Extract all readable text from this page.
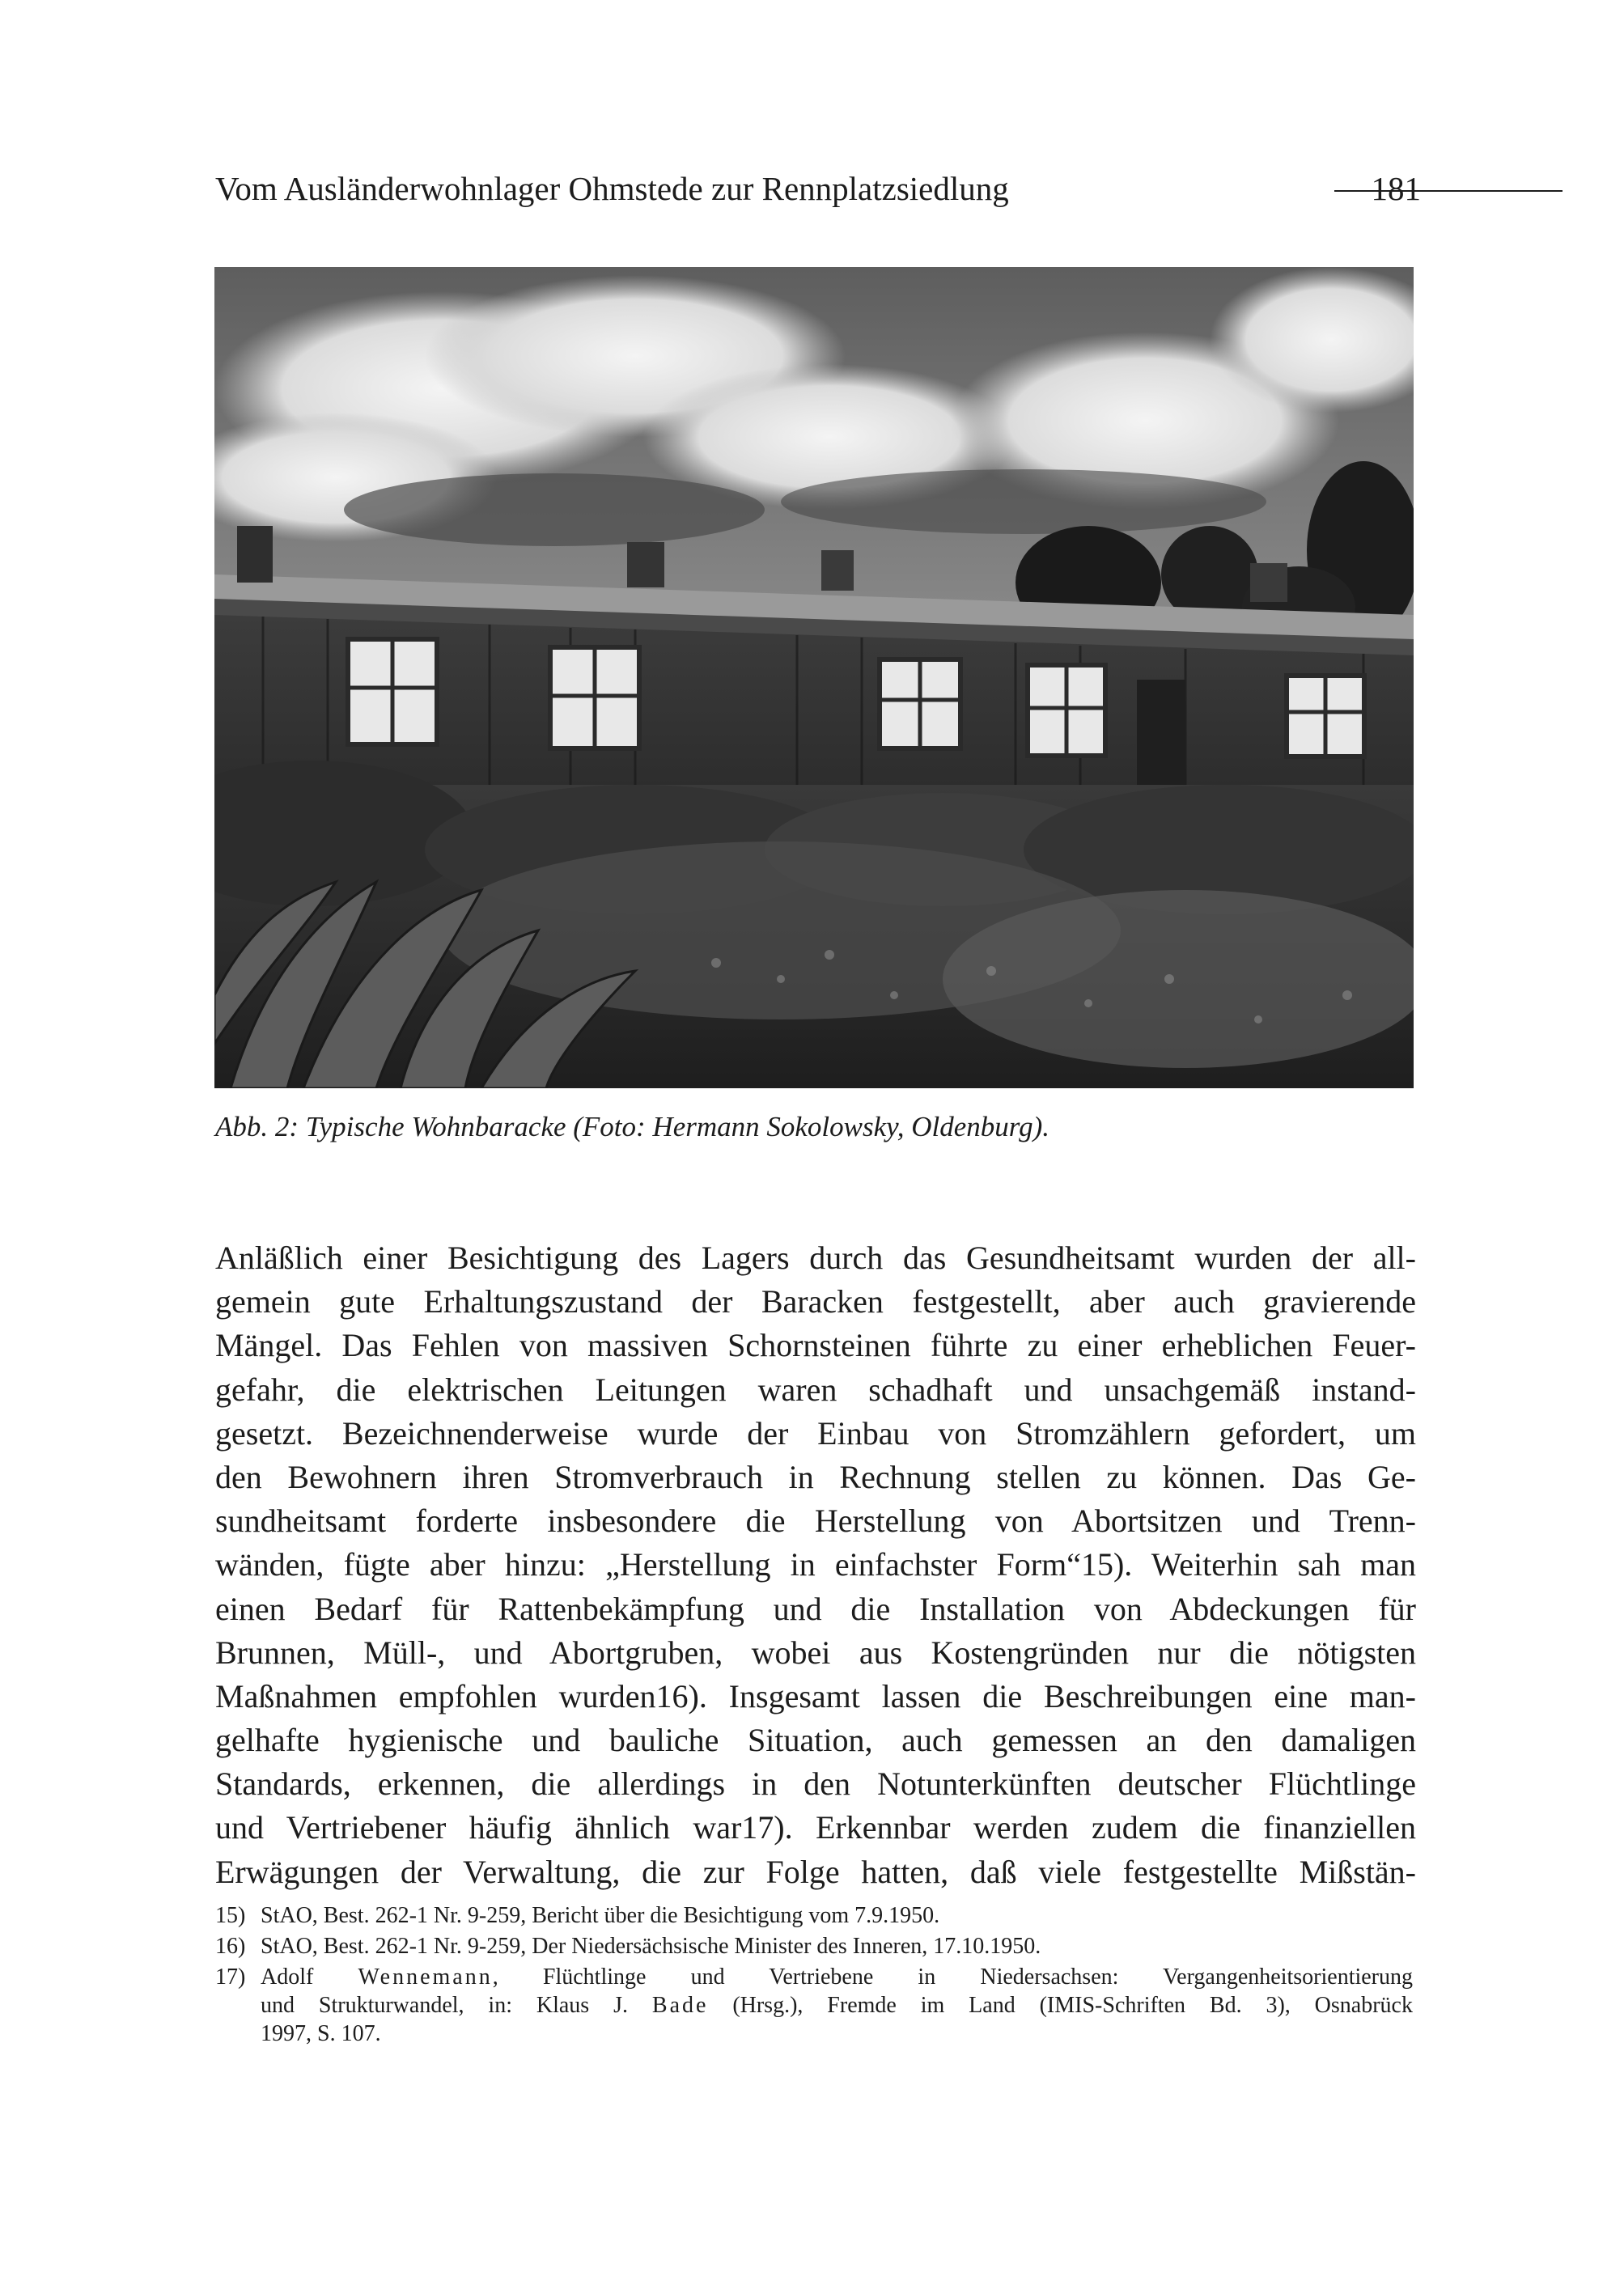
Vom Ausländerwohnlager Ohmstede zur Rennplatzsiedlung	181
Abb. 2: Typische Wohnbaracke (Foto: Hermann Sokolowsky, Oldenburg).
Anläßlich einer Besichtigung des Lagers durch das Gesundheitsamt wurden der all-
gemein gute Erhaltungszustand der Baracken festgestellt, aber auch gravierende
Mängel. Das Fehlen von massiven Schornsteinen führte zu einer erheblichen Feuer-
gefahr, die elektrischen Leitungen waren schadhaft und unsachgemäß instand-
gesetzt. Bezeichnenderweise wurde der Einbau von Stromzählern gefordert, um
den Bewohnern ihren Stromverbrauch in Rechnung stellen zu können. Das Ge-
sundheitsamt forderte insbesondere die Herstellung von Abortsitzen und Trenn-
wänden, fügte aber hinzu: „Herstellung in einfachster Form“15). Weiterhin sah man
einen Bedarf für Rattenbekämpfung und die Installation von Abdeckungen für
Brunnen, Müll-, und Abortgruben, wobei aus Kostengründen nur die nötigsten
Maßnahmen empfohlen wurden16). Insgesamt lassen die Beschreibungen eine man-
gelhafte hygienische und bauliche Situation, auch gemessen an den damaligen
Standards, erkennen, die allerdings in den Notunterkünften deutscher Flüchtlinge
und Vertriebener häufig ähnlich war17). Erkennbar werden zudem die finanziellen
Erwägungen der Verwaltung, die zur Folge hatten, daß viele festgestellte Mißstän-
15) StAO, Best. 262-1 Nr. 9-259, Bericht über die Besichtigung vom 7.9.1950.
16) StAO, Best. 262-1 Nr. 9-259, Der Niedersächsische Minister des Inneren, 17.10.1950.
17) Adolf Wennemann, Flüchtlinge und Vertriebene in Niedersachsen: Vergangenheitsorientierung
und Strukturwandel, in: Klaus J. Bade (Hrsg.), Fremde im Land (IMIS-Schriften Bd. 3), Osnabrück
1997, S. 107.
